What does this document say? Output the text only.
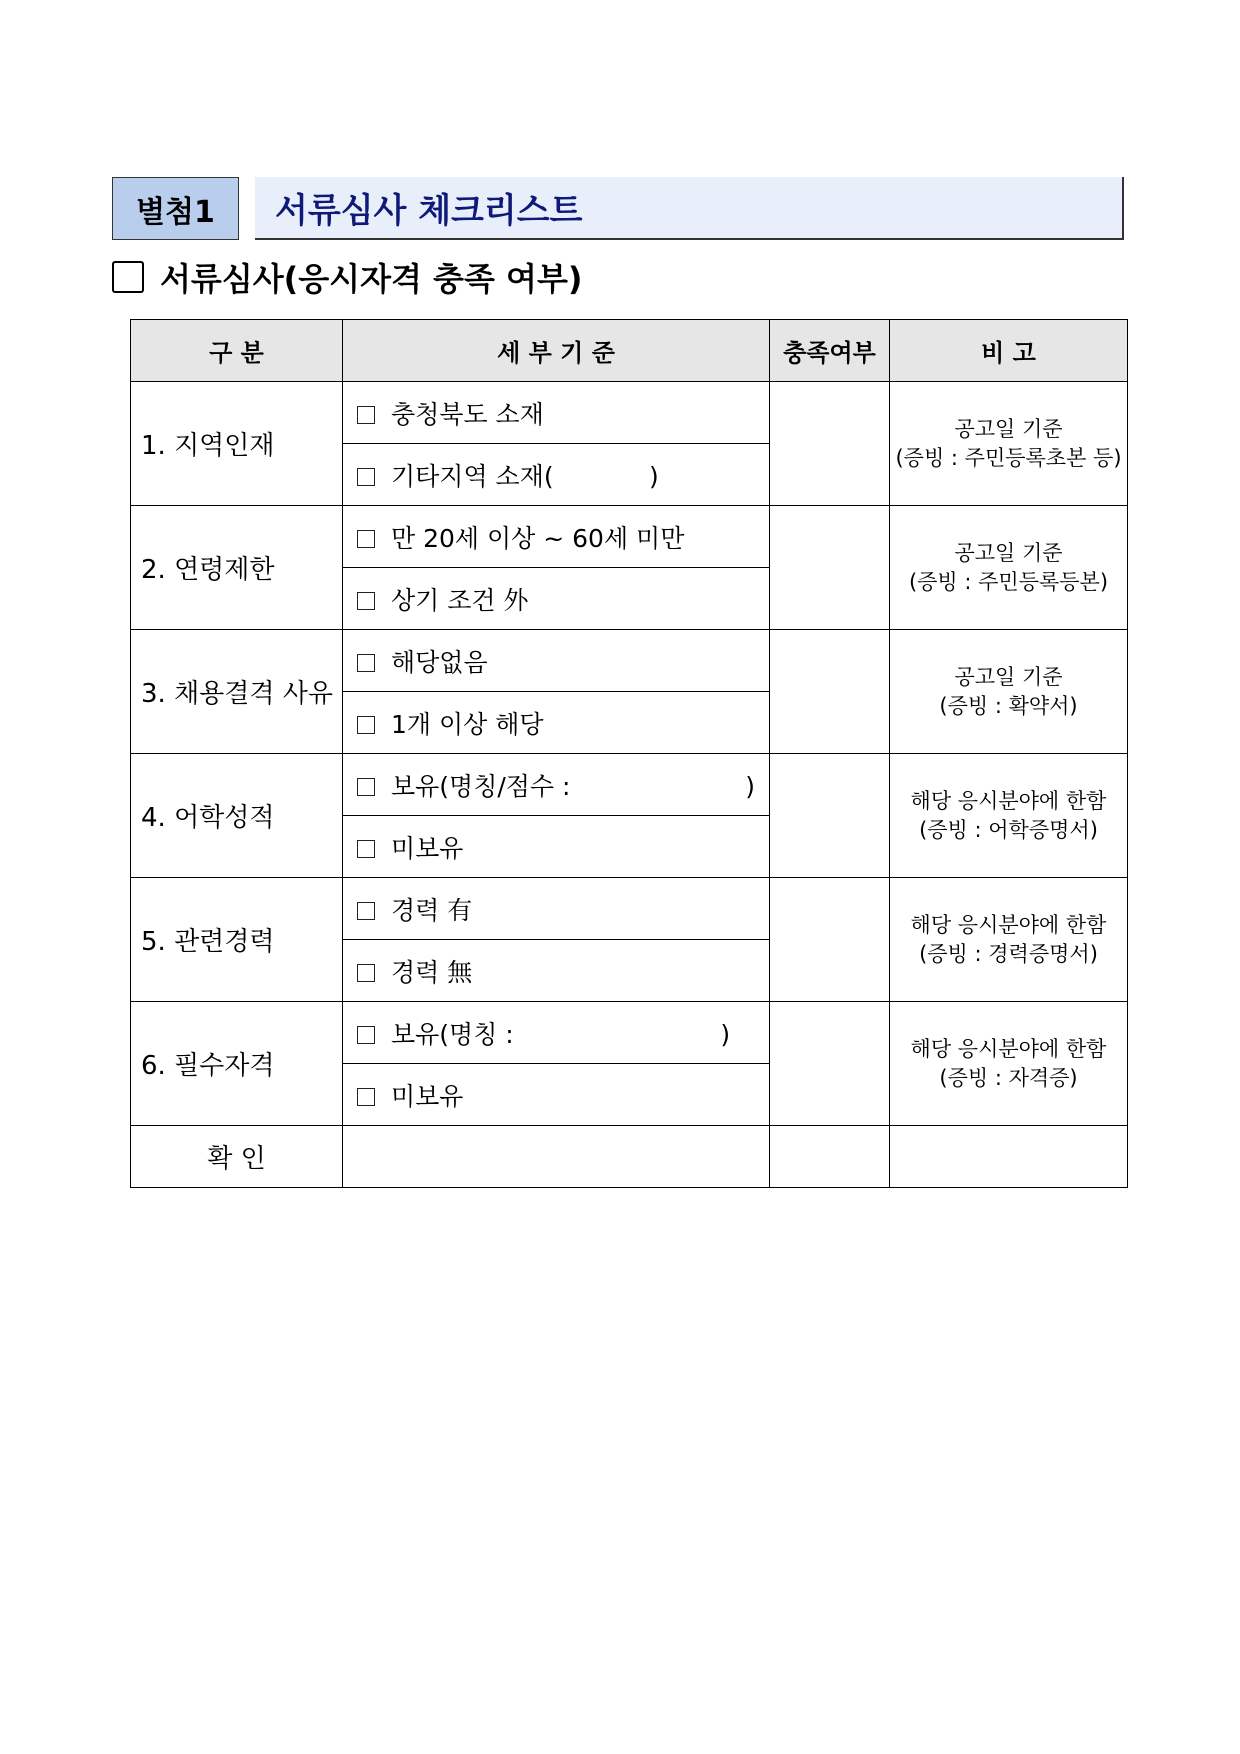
별첨1	서류심사 체크리스트
서류심사(응시자격 충족 여부)
구 분	세 부 기 준	충족여부	비 고
1. 지역인재	충청북도 소재		공고일 기준
(증빙 : 주민등록초본 등)
	기타지역 소재(            )		
2. 연령제한	만 20세 이상 ~ 60세 미만		공고일 기준
(증빙 : 주민등록등본)
	상기 조건 外		
3. 채용결격 사유	해당없음		공고일 기준
(증빙 : 확약서)
	1개 이상 해당		
4. 어학성적	보유(명칭/점수 :                      )		해당 응시분야에 한함
(증빙 : 어학증명서)
	미보유		
5. 관련경력	경력 有		해당 응시분야에 한함
(증빙 : 경력증명서)
	경력 無		
6. 필수자격	보유(명칭 :                          )		해당 응시분야에 한함
(증빙 : 자격증)
	미보유		
확 인			
